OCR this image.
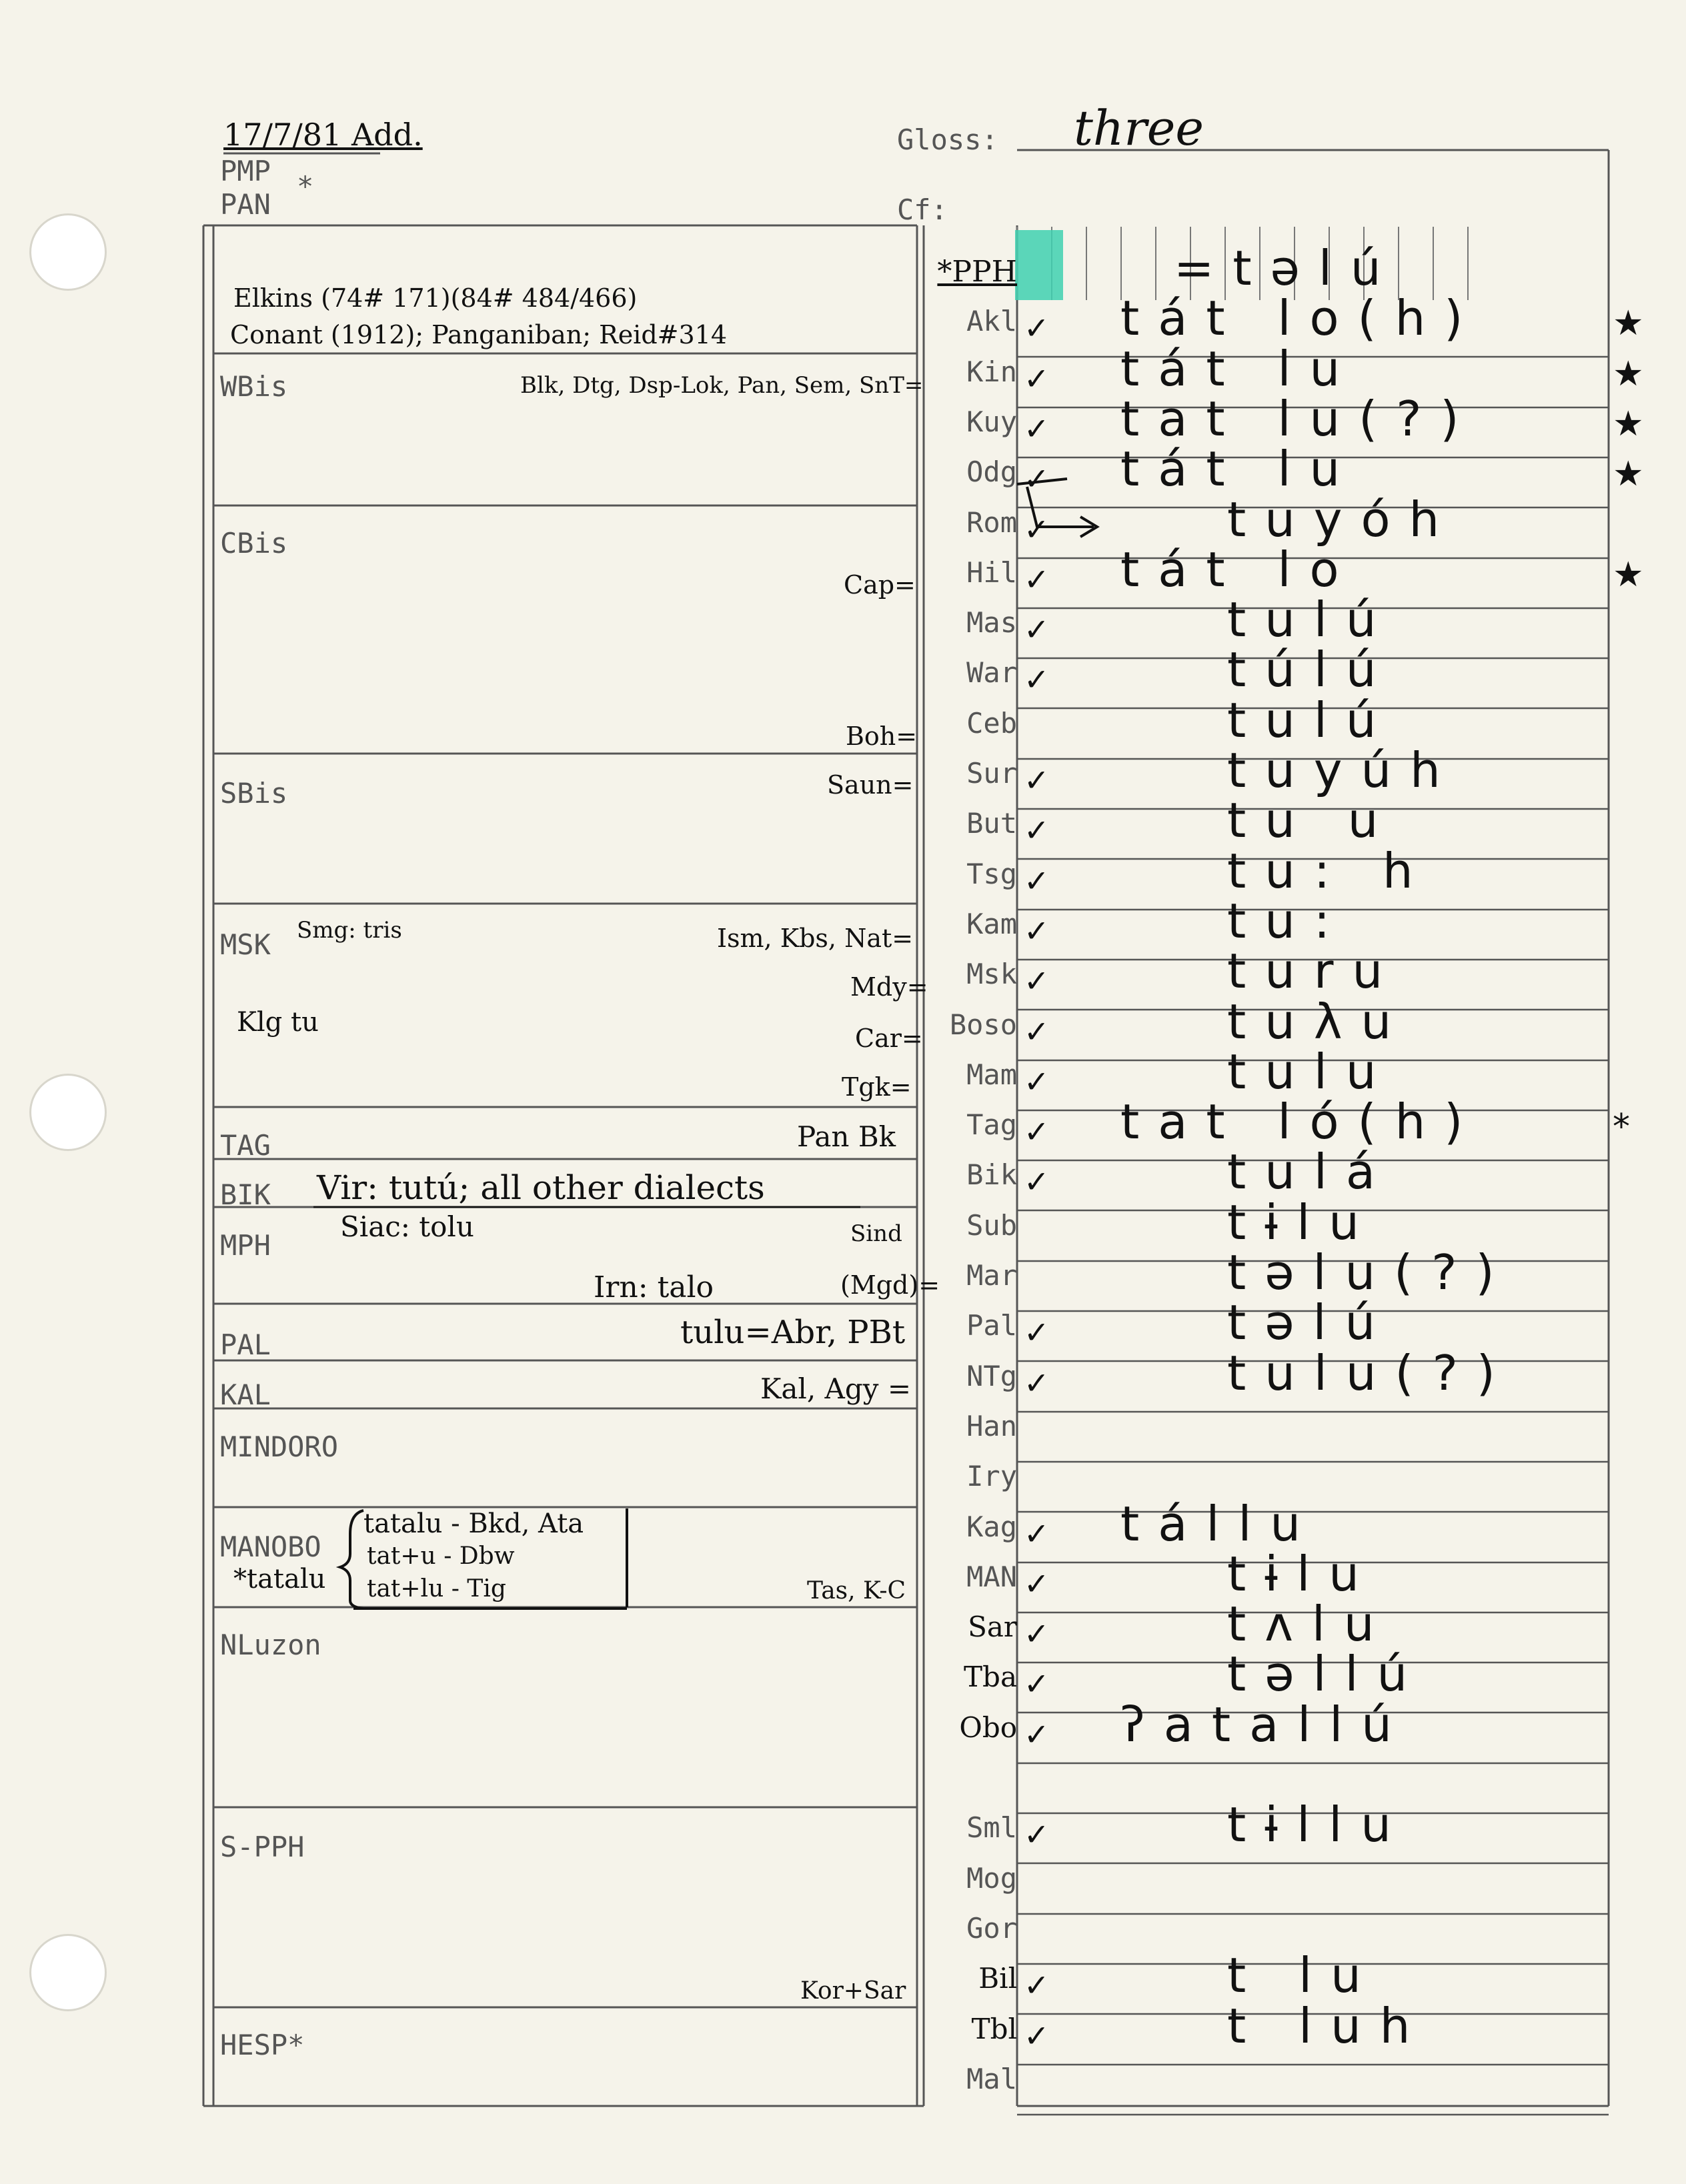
17/7/81 Add.
PMP *
PAN
Gloss: three
Cf:
Elkins (74# 171)(84# 484/466)
Conant (1912); Panganiban; Reid#314
WBis
CBis
SBis
MSK
TAG
BIK
MPH
PAL
KAL
MINDORO
MANOBO
NLuzon
S-PPH
HESP*
Blk, Dtg, Dsp-Lok, Pan, Sem, SnT=
Cap=
Boh=
Saun=
Smg: tris
Klg tu
Ism, Kbs, Nat=
Mdy=
Car=
Tgk=
Pan Bk
Vir: tutú; all other dialects
Siac: tolu	Sind
Irn: talo	(Mgd)=
tulu=Abr, PBt
Kal, Agy =
*tatalu
tatalu - Bkd, Ata
tat+u - Dbw
tat+lu - Tig	Tas, K-C
Kor+Sar
*PPH	=təlú
Akl ✓ tát lo(h)	★
Kin ✓ tát lu	★
Kuy ✓ tat lu(?)	★
Odg ✓ tát lu	★
Rom ✓	tuyóh
Hil ✓ tát lo	★
Mas ✓	tulú
War ✓	túlú
Ceb	tulú
Sur ✓	tuyúh
But ✓	tu u
Tsg ✓	tu: h
Kam ✓	tu:
Msk ✓	turu
Boso ✓	tuλu
Mam ✓	tulu
Tag ✓ tat ló(h)	*
Bik ✓	tulá
Sub	tɨlu
Mar	təlu(?)
Pal ✓	təlú
NTg ✓	tulu(?)
Han
Iry
Kag ✓ tállu
MAN ✓	tɨlu
Sar ✓	tʌlu
Tba ✓	təllú
Obo ✓ ʔatallú
Sml ✓	tɨllu
Mog
Gor
Bil ✓	t lu
Tbl ✓	t luh
Mal
